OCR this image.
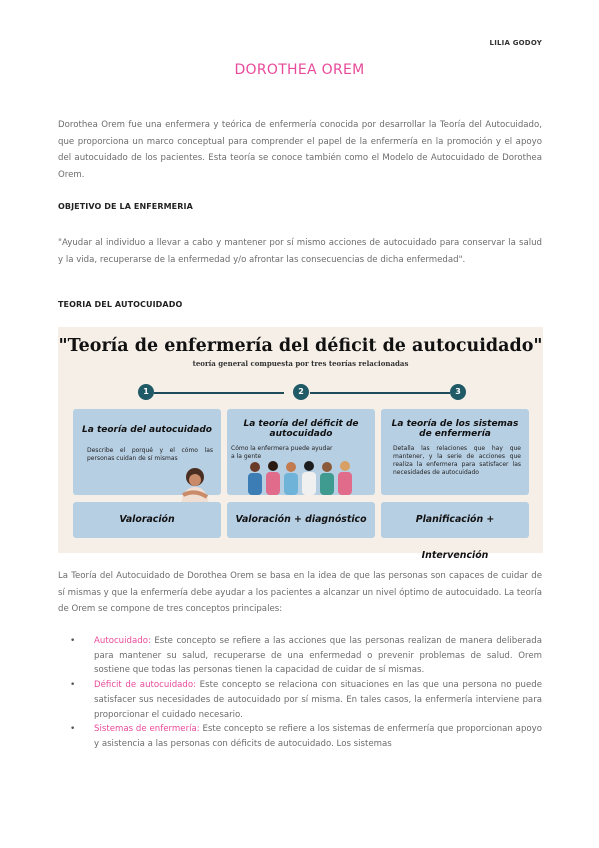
LILIA GODOY
DOROTHEA OREM
Dorothea Orem fue una enfermera y teórica de enfermería conocida por desarrollar la Teoría del Autocuidado, que proporciona un marco conceptual para comprender el papel de la enfermería en la promoción y el apoyo del autocuidado de los pacientes. Esta teoría se conoce también como el Modelo de Autocuidado de Dorothea Orem.
OBJETIVO DE LA ENFERMERIA
"Ayudar al individuo a llevar a cabo y mantener por sí mismo acciones de autocuidado para conservar la salud y la vida, recuperarse de la enfermedad y/o afrontar las consecuencias de dicha enfermedad".
TEORIA DEL AUTOCUIDADO
"Teoría de enfermería del déficit de autocuidado"
teoría general compuesta por tres teorías relacionadas
1	2	3
La teoría del autocuidado
Describe el porqué y el cómo las personas cuidan de sí mismas
La teoría del déficit de autocuidado
Cómo la enfermera puede ayudar a la gente
La teoría de los sistemas de enfermería
Detalla las relaciones que hay que mantener, y la serie de acciones que realiza la enfermera para satisfacer las necesidades de autocuidado
Valoración	Valoración + diagnóstico	Planificación + Intervención
La Teoría del Autocuidado de Dorothea Orem se basa en la idea de que las personas son capaces de cuidar de sí mismas y que la enfermería debe ayudar a los pacientes a alcanzar un nivel óptimo de autocuidado. La teoría de Orem se compone de tres conceptos principales:
• Autocuidado: Este concepto se refiere a las acciones que las personas realizan de manera deliberada para mantener su salud, recuperarse de una enfermedad o prevenir problemas de salud. Orem sostiene que todas las personas tienen la capacidad de cuidar de sí mismas.
• Déficit de autocuidado: Este concepto se relaciona con situaciones en las que una persona no puede satisfacer sus necesidades de autocuidado por sí misma. En tales casos, la enfermería interviene para proporcionar el cuidado necesario.
• Sistemas de enfermería: Este concepto se refiere a los sistemas de enfermería que proporcionan apoyo y asistencia a las personas con déficits de autocuidado. Los sistemas
